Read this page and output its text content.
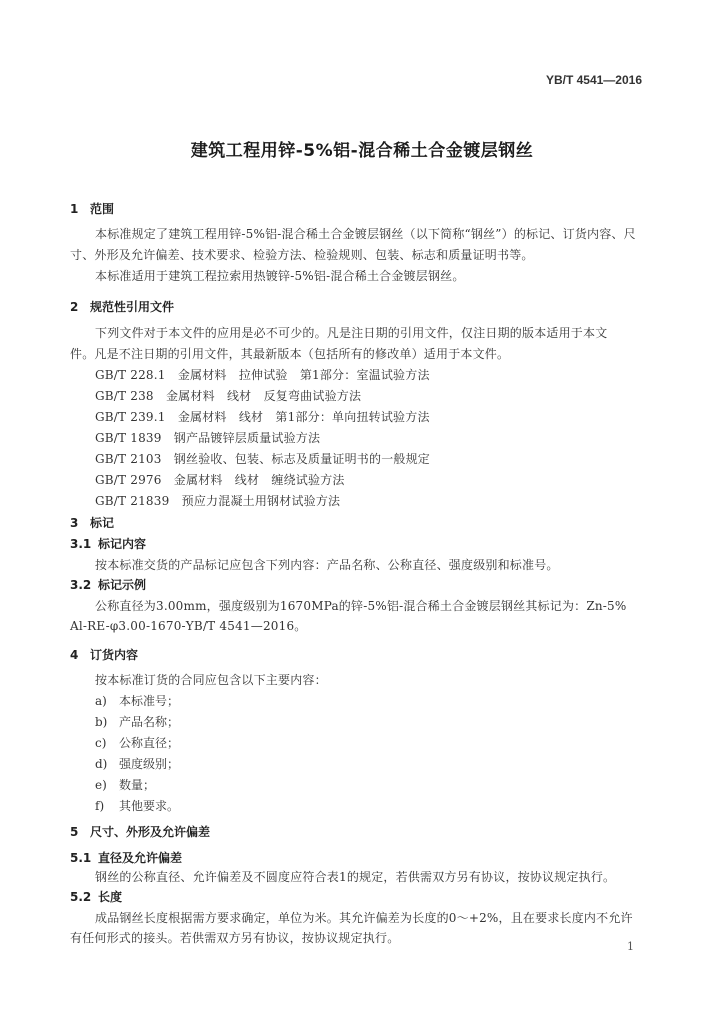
YB/T 4541—2016
建筑工程用锌-5%铝-混合稀土合金镀层钢丝
1 范围
本标准规定了建筑工程用锌-5%铝-混合稀土合金镀层钢丝（以下简称“钢丝”）的标记、订货内容、尺
寸、外形及允许偏差、技术要求、检验方法、检验规则、包装、标志和质量证明书等。
本标准适用于建筑工程拉索用热镀锌-5%铝-混合稀土合金镀层钢丝。
2 规范性引用文件
下列文件对于本文件的应用是必不可少的。凡是注日期的引用文件，仅注日期的版本适用于本文
件。凡是不注日期的引用文件，其最新版本（包括所有的修改单）适用于本文件。
GB/T 228.1　金属材料　拉伸试验　第1部分：室温试验方法
GB/T 238　金属材料　线材　反复弯曲试验方法
GB/T 239.1　金属材料　线材　第1部分：单向扭转试验方法
GB/T 1839　钢产品镀锌层质量试验方法
GB/T 2103　钢丝验收、包装、标志及质量证明书的一般规定
GB/T 2976　金属材料　线材　缠绕试验方法
GB/T 21839　预应力混凝土用钢材试验方法
3 标记
3.1 标记内容
按本标准交货的产品标记应包含下列内容：产品名称、公称直径、强度级别和标准号。
3.2 标记示例
公称直径为3.00mm，强度级别为1670MPa的锌-5%铝-混合稀土合金镀层钢丝其标记为：Zn-5%
Al-RE-φ3.00-1670-YB/T 4541—2016。
4 订货内容
按本标准订货的合同应包含以下主要内容：
a) 本标准号；
b) 产品名称；
c) 公称直径；
d) 强度级别；
e) 数量；
f) 其他要求。
5 尺寸、外形及允许偏差
5.1 直径及允许偏差
钢丝的公称直径、允许偏差及不圆度应符合表1的规定，若供需双方另有协议，按协议规定执行。
5.2 长度
成品钢丝长度根据需方要求确定，单位为米。其允许偏差为长度的0～+2%，且在要求长度内不允许
有任何形式的接头。若供需双方另有协议，按协议规定执行。
1
